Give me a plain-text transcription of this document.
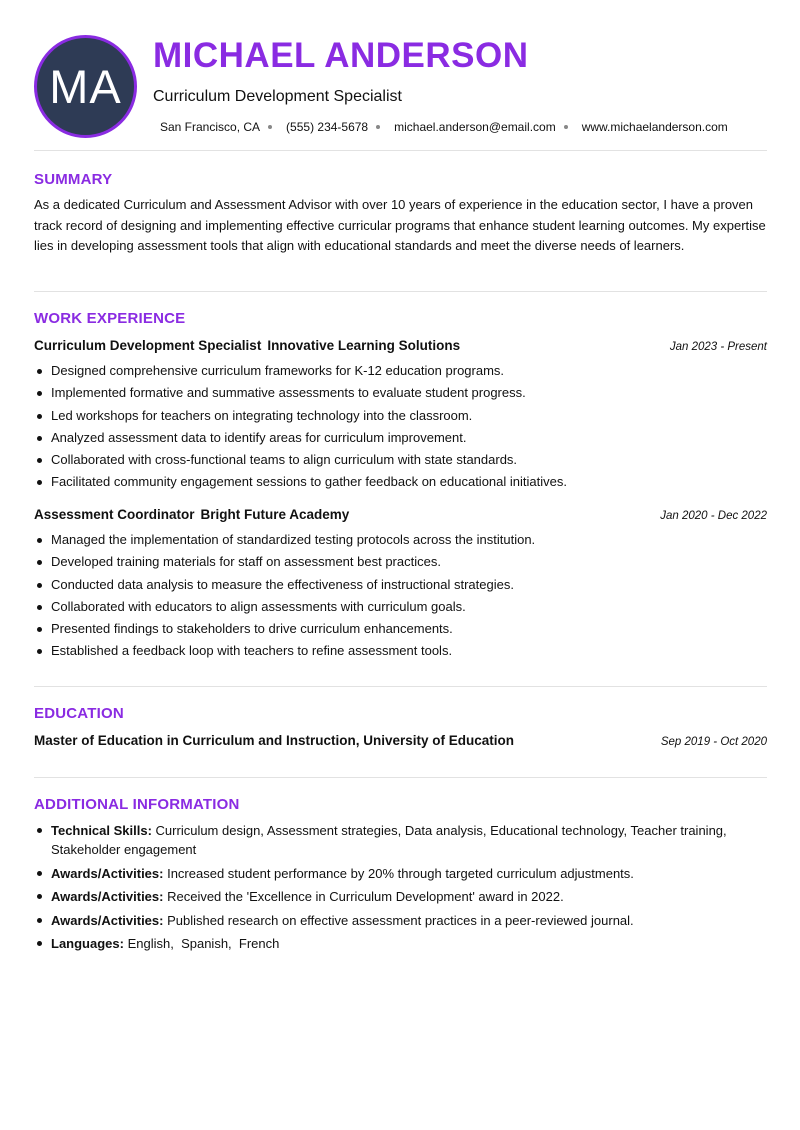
MA
MICHAEL ANDERSON
Curriculum Development Specialist
San Francisco, CA (555) 234-5678 michael.anderson@email.com www.michaelanderson.com
SUMMARY
As a dedicated Curriculum and Assessment Advisor with over 10 years of experience in the education sector, I have a proven track record of designing and implementing effective curricular programs that enhance student learning outcomes. My expertise lies in developing assessment tools that align with educational standards and meet the diverse needs of learners.
WORK EXPERIENCE
Curriculum Development Specialist Innovative Learning Solutions	Jan 2023 - Present
Designed comprehensive curriculum frameworks for K-12 education programs.
Implemented formative and summative assessments to evaluate student progress.
Led workshops for teachers on integrating technology into the classroom.
Analyzed assessment data to identify areas for curriculum improvement.
Collaborated with cross-functional teams to align curriculum with state standards.
Facilitated community engagement sessions to gather feedback on educational initiatives.
Assessment Coordinator Bright Future Academy	Jan 2020 - Dec 2022
Managed the implementation of standardized testing protocols across the institution.
Developed training materials for staff on assessment best practices.
Conducted data analysis to measure the effectiveness of instructional strategies.
Collaborated with educators to align assessments with curriculum goals.
Presented findings to stakeholders to drive curriculum enhancements.
Established a feedback loop with teachers to refine assessment tools.
EDUCATION
Master of Education in Curriculum and Instruction, University of Education	Sep 2019 - Oct 2020
ADDITIONAL INFORMATION
Technical Skills: Curriculum design, Assessment strategies, Data analysis, Educational technology, Teacher training, Stakeholder engagement
Awards/Activities: Increased student performance by 20% through targeted curriculum adjustments.
Awards/Activities: Received the 'Excellence in Curriculum Development' award in 2022.
Awards/Activities: Published research on effective assessment practices in a peer-reviewed journal.
Languages: English,  Spanish,  French
